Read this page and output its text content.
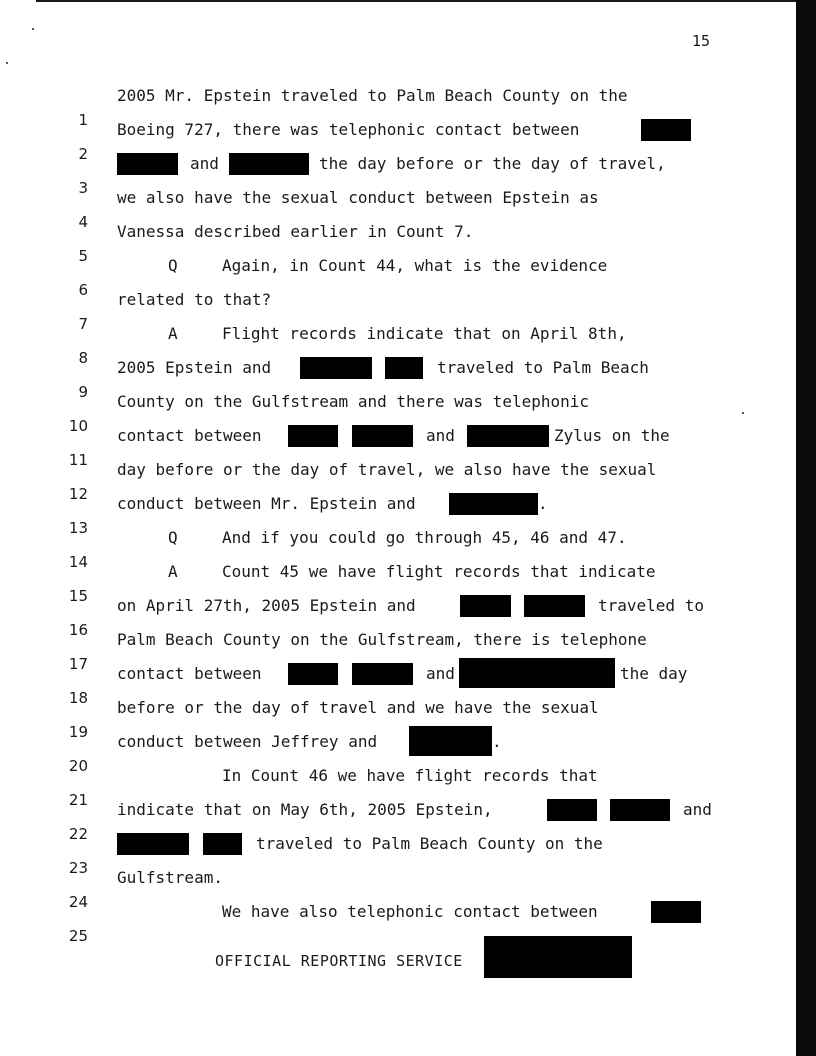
15

1

2005 Mr. Epstein traveled to Palm Beach County on the

2

Boeing 727, there was telephonic contact between

3

and

	the day before or the day of travel,

4

we also have the sexual conduct between Epstein as

5

Vanessa described earlier in Count 7.

6

Q

	Again, in Count 44, what is the evidence

7

related to that?

8

A

	Flight records indicate that on April 8th,

9

2005 Epstein and

	traveled to Palm Beach

10

County on the Gulfstream and there was telephonic

11

contact between

	and

	Zylus on the

12

day before or the day of travel, we also have the sexual

13

conduct between Mr. Epstein and

	.

14

Q

	And if you could go through 45, 46 and 47.

15

A

	Count 45 we have flight records that indicate

16

on April 27th, 2005 Epstein and

	traveled to

17

Palm Beach County on the Gulfstream, there is telephone

18

contact between

	and

	the day

19

before or the day of travel and we have the sexual

20

conduct between Jeffrey and

	.

21

In Count 46 we have flight records that

22

indicate that on May 6th, 2005 Epstein,

	and

23

traveled to Palm Beach County on the

24

Gulfstream.

25

We have also telephonic contact between

OFFICIAL REPORTING SERVICE
